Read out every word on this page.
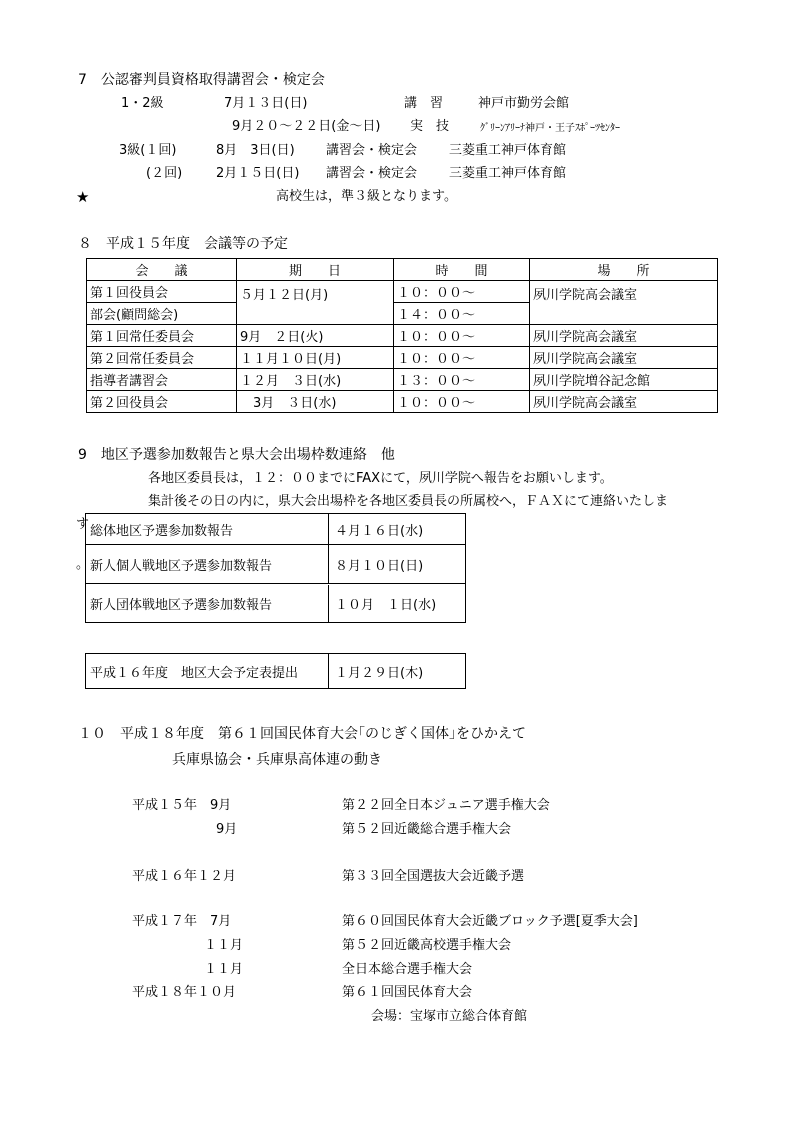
7　公認審判員資格取得講習会・検定会
1・2級	7月１３日(日)	講　習	神戸市勤労会館
9月２０～２２日(金～日) 実　技	ｸﾞﾘｰﾝｱﾘｰﾅ神戸・王子ｽﾎﾟｰﾂｾﾝﾀｰ
3級(１回)	8月　3日(日) 講習会・検定会 三菱重工神戸体育館
(２回)	2月１５日(日) 講習会・検定会 三菱重工神戸体育館
★	高校生は，準３級となります。
８　平成１５年度　会議等の予定
会　　議	期　　日	時　　間	場　　所
第１回役員会	５月１２日(月)	１０：００～	夙川学院高会議室
部会(顧問総会)		１４：００～	
第１回常任委員会	9月　２日(火)	１０：００～	夙川学院高会議室
第２回常任委員会	１１月１０日(月)	１０：００～	夙川学院高会議室
指導者講習会	１２月　３日(水)	１３：００～	夙川学院増谷記念館
第２回役員会	　3月　３日(水)	１０：００～	夙川学院高会議室
9　地区予選参加数報告と県大会出場枠数連絡　他
各地区委員長は，１２：００までにFAXにて，夙川学院へ報告をお願いします。
集計後その日の内に，県大会出場枠を各地区委員長の所属校へ，ＦＡＸにて連絡いたしま
す
。
総体地区予選参加数報告	４月１６日(水)
新人個人戦地区予選参加数報告	８月１０日(日)
新人団体戦地区予選参加数報告	１０月　１日(水)
平成１６年度　地区大会予定表提出	１月２９日(木)
１０　平成１８年度　第６１回国民体育大会｢のじぎく国体｣をひかえて
兵庫県協会・兵庫県高体連の動き
平成１５年　9月	第２２回全日本ジュニア選手権大会
9月	第５２回近畿総合選手権大会
平成１６年１２月	第３３回全国選抜大会近畿予選
平成１７年　7月	第６０回国民体育大会近畿ブロック予選[夏季大会]
１１月	第５２回近畿高校選手権大会
１１月	全日本総合選手権大会
平成１８年１０月	第６１回国民体育大会
会場：宝塚市立総合体育館
